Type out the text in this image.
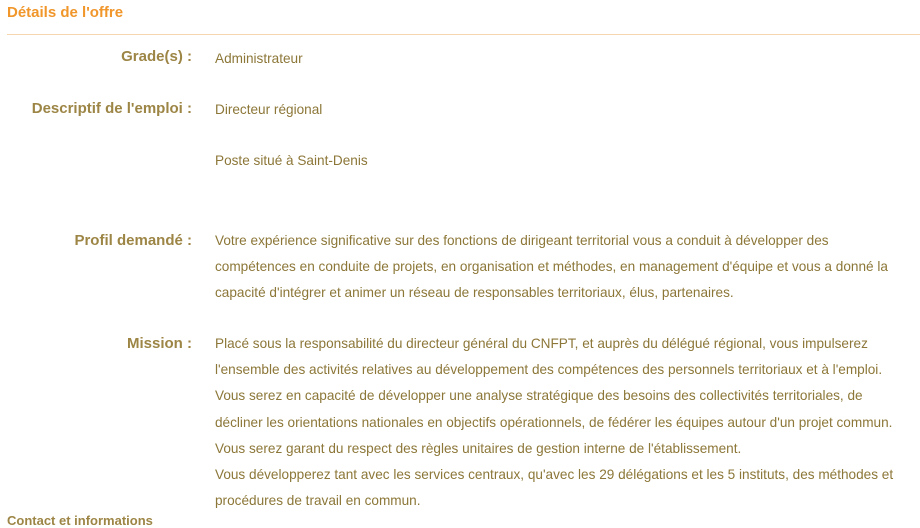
Détails de l'offre
Grade(s) : Administrateur
Descriptif de l'emploi : Directeur régional
Poste situé à Saint-Denis
Profil demandé : Votre expérience significative sur des fonctions de dirigeant territorial vous a conduit à développer des

compétences en conduite de projets, en organisation et méthodes, en management d'équipe et vous a donné la

capacité d'intégrer et animer un réseau de responsables territoriaux, élus, partenaires.

Mission : Placé sous la responsabilité du directeur général du CNFPT, et auprès du délégué régional, vous impulserez

l'ensemble des activités relatives au développement des compétences des personnels territoriaux et à l'emploi.

Vous serez en capacité de développer une analyse stratégique des besoins des collectivités territoriales, de

décliner les orientations nationales en objectifs opérationnels, de fédérer les équipes autour d'un projet commun.

Vous serez garant du respect des règles unitaires de gestion interne de l'établissement.

Vous développerez tant avec les services centraux, qu'avec les 29 délégations et les 5 instituts, des méthodes et

procédures de travail en commun.

Contact et informations
